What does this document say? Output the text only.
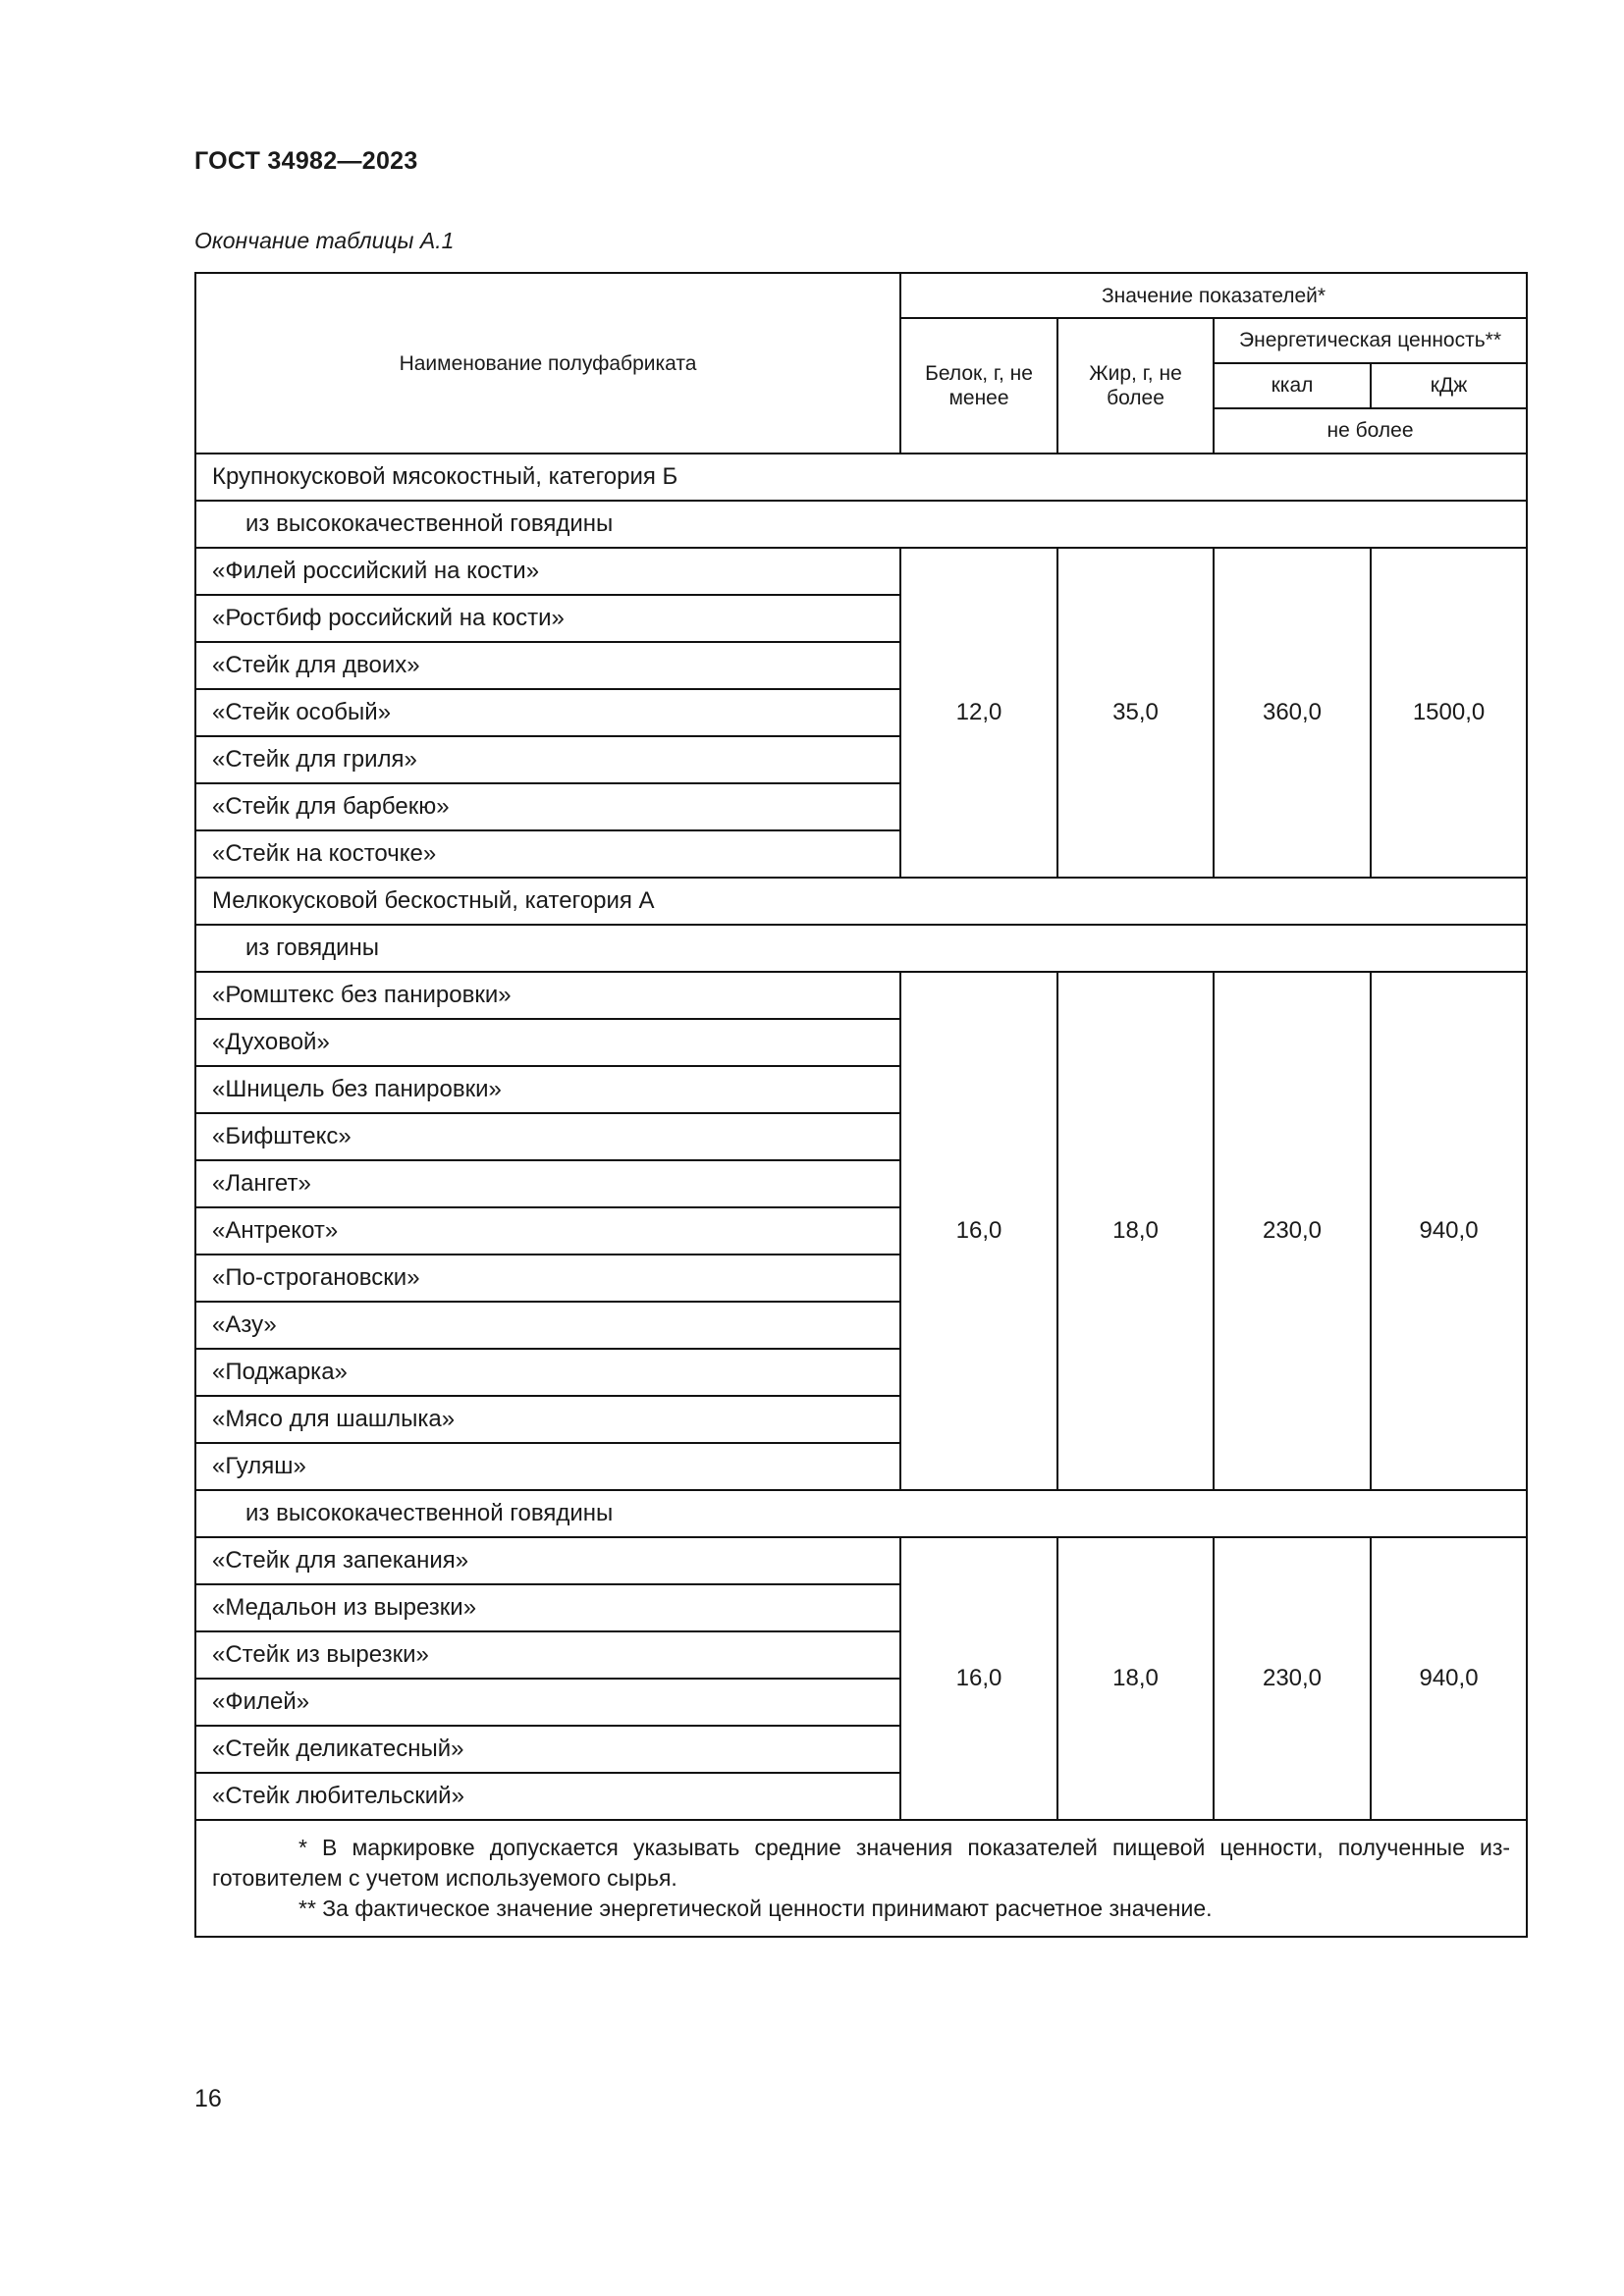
ГОСТ 34982—2023
Окончание таблицы А.1
Наименование полуфабриката	Значение показателей*			
	Белок, г, не менее	Жир, г, не более	Энергетическая ценность**	
			ккал	кДж
			не более	
Крупнокусковой мясокостный, категория Б				
из высококачественной говядины				
«Филей российский на кости»	12,0	35,0	360,0	1500,0
«Ростбиф российский на кости»				
«Стейк для двоих»				
«Стейк особый»				
«Стейк для гриля»				
«Стейк для барбекю»				
«Стейк на косточке»				
Мелкокусковой бескостный, категория А				
из говядины				
«Ромштекс без панировки»	16,0	18,0	230,0	940,0
«Духовой»				
«Шницель без панировки»				
«Бифштекс»				
«Лангет»				
«Антрекот»				
«По-строгановски»				
«Азу»				
«Поджарка»				
«Мясо для шашлыка»				
«Гуляш»				
из высококачественной говядины				
«Стейк для запекания»	16,0	18,0	230,0	940,0
«Медальон из вырезки»				
«Стейк из вырезки»				
«Филей»				
«Стейк деликатесный»				
«Стейк любительский»				

* В маркировке допускается указывать средние значения показателей пищевой ценности, полученные из-готовителем с учетом используемого сырья.
** За фактическое значение энергетической ценности принимают расчетное значение.				
16
